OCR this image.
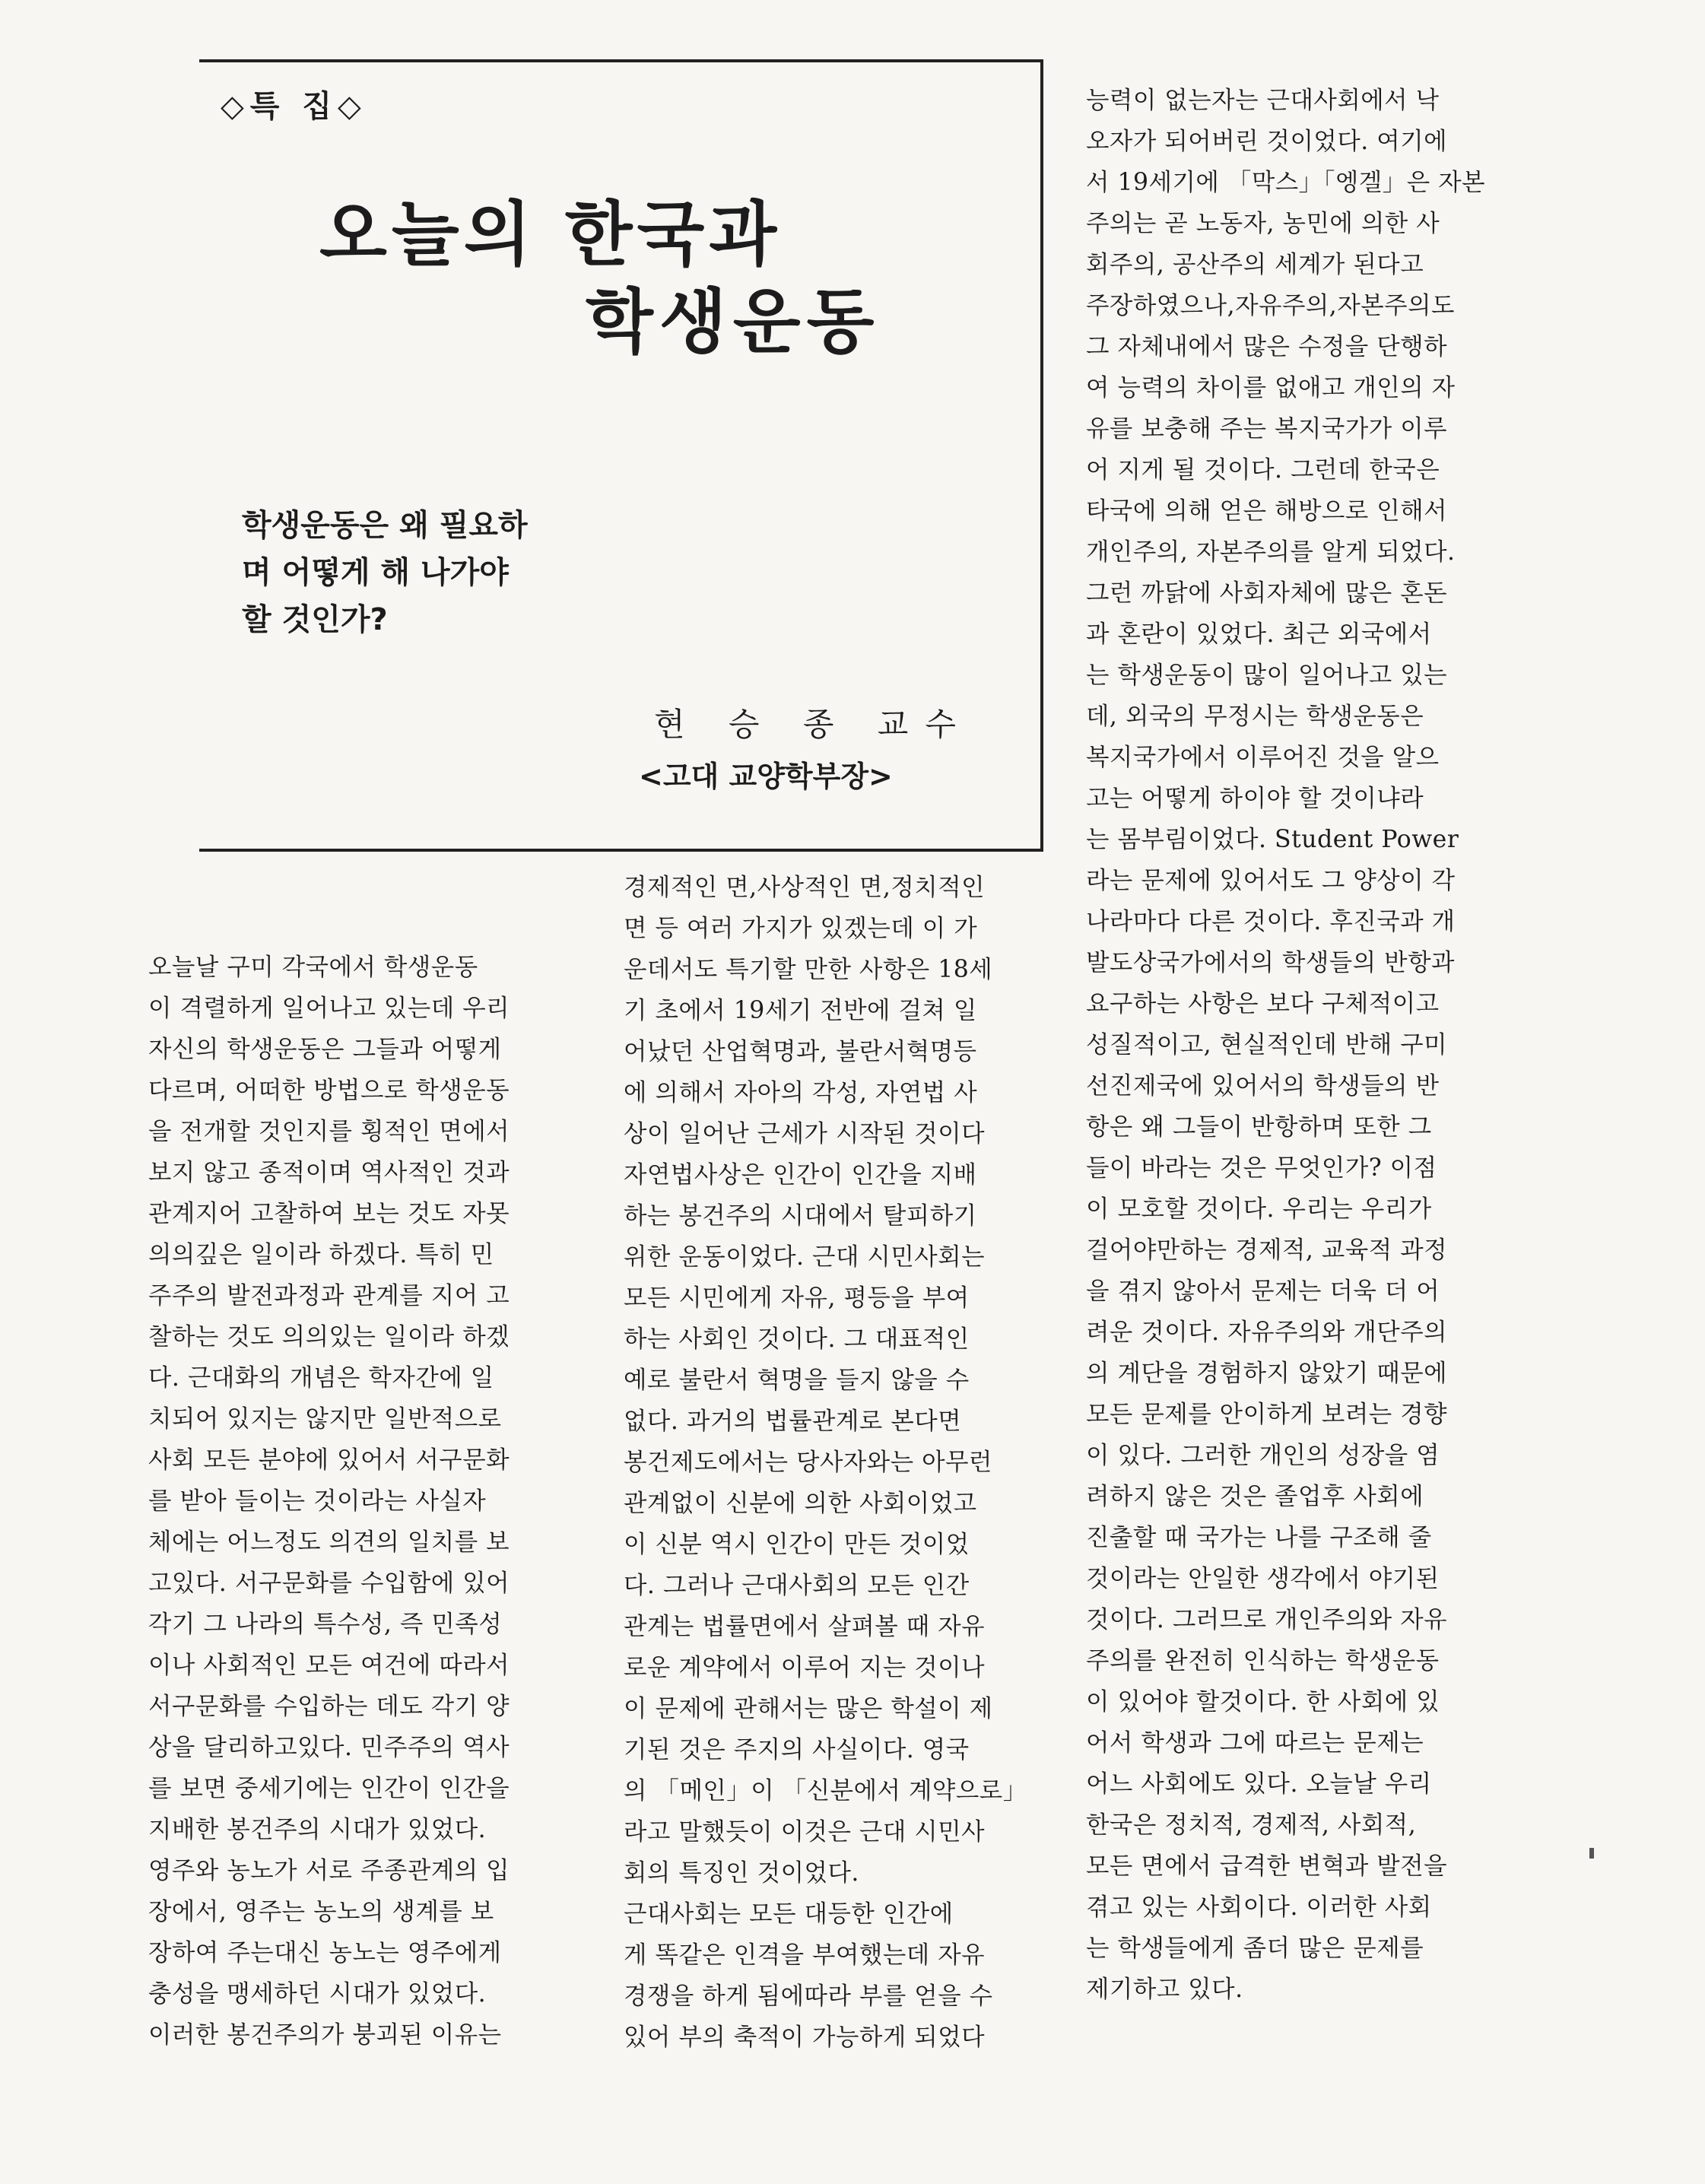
◇특 집◇
오늘의 한국과
학생운동
학생운동은 왜 필요하
며 어떻게 해 나가야
할 것인가?
현 승 종 교수
<고대 교양학부장>
오늘날 구미 각국에서 학생운동
이 격렬하게 일어나고 있는데 우리
자신의 학생운동은 그들과 어떻게
다르며, 어떠한 방법으로 학생운동
을 전개할 것인지를 횡적인 면에서
보지 않고 종적이며 역사적인 것과
관계지어 고찰하여 보는 것도 자못
의의깊은 일이라 하겠다. 특히 민
주주의 발전과정과 관계를 지어 고
찰하는 것도 의의있는 일이라 하겠
다. 근대화의 개념은 학자간에 일
치되어 있지는 않지만 일반적으로
사회 모든 분야에 있어서 서구문화
를 받아 들이는 것이라는 사실자
체에는 어느정도 의견의 일치를 보
고있다. 서구문화를 수입함에 있어
각기 그 나라의 특수성, 즉 민족성
이나 사회적인 모든 여건에 따라서
서구문화를 수입하는 데도 각기 양
상을 달리하고있다. 민주주의 역사
를 보면 중세기에는 인간이 인간을
지배한 봉건주의 시대가 있었다.
영주와 농노가 서로 주종관계의 입
장에서, 영주는 농노의 생계를 보
장하여 주는대신 농노는 영주에게
충성을 맹세하던 시대가 있었다.
이러한 봉건주의가 붕괴된 이유는
경제적인 면,사상적인 면,정치적인
면 등 여러 가지가 있겠는데 이 가
운데서도 특기할 만한 사항은 18세
기 초에서 19세기 전반에 걸쳐 일
어났던 산업혁명과, 불란서혁명등
에 의해서 자아의 각성, 자연법 사
상이 일어난 근세가 시작된 것이다
자연법사상은 인간이 인간을 지배
하는 봉건주의 시대에서 탈피하기
위한 운동이었다. 근대 시민사회는
모든 시민에게 자유, 평등을 부여
하는 사회인 것이다. 그 대표적인
예로 불란서 혁명을 들지 않을 수
없다. 과거의 법률관계로 본다면
봉건제도에서는 당사자와는 아무런
관계없이 신분에 의한 사회이었고
이 신분 역시 인간이 만든 것이었
다. 그러나 근대사회의 모든 인간
관계는 법률면에서 살펴볼 때 자유
로운 계약에서 이루어 지는 것이나
이 문제에 관해서는 많은 학설이 제
기된 것은 주지의 사실이다. 영국
의 「메인」이 「신분에서 계약으로」
라고 말했듯이 이것은 근대 시민사
회의 특징인 것이었다.
근대사회는 모든 대등한 인간에
게 똑같은 인격을 부여했는데 자유
경쟁을 하게 됨에따라 부를 얻을 수
있어 부의 축적이 가능하게 되었다
능력이 없는자는 근대사회에서 낙
오자가 되어버린 것이었다. 여기에
서 19세기에 「막스」「엥겔」은 자본
주의는 곧 노동자, 농민에 의한 사
회주의, 공산주의 세계가 된다고
주장하였으나,자유주의,자본주의도
그 자체내에서 많은 수정을 단행하
여 능력의 차이를 없애고 개인의 자
유를 보충해 주는 복지국가가 이루
어 지게 될 것이다. 그런데 한국은
타국에 의해 얻은 해방으로 인해서
개인주의, 자본주의를 알게 되었다.
그런 까닭에 사회자체에 많은 혼돈
과 혼란이 있었다. 최근 외국에서
는 학생운동이 많이 일어나고 있는
데, 외국의 무정시는 학생운동은
복지국가에서 이루어진 것을 알으
고는 어떻게 하이야 할 것이냐라
는 몸부림이었다. Student Power
라는 문제에 있어서도 그 양상이 각
나라마다 다른 것이다. 후진국과 개
발도상국가에서의 학생들의 반항과
요구하는 사항은 보다 구체적이고
성질적이고, 현실적인데 반해 구미
선진제국에 있어서의 학생들의 반
항은 왜 그들이 반항하며 또한 그
들이 바라는 것은 무엇인가? 이점
이 모호할 것이다. 우리는 우리가
걸어야만하는 경제적, 교육적 과정
을 겪지 않아서 문제는 더욱 더 어
려운 것이다. 자유주의와 개단주의
의 계단을 경험하지 않았기 때문에
모든 문제를 안이하게 보려는 경향
이 있다. 그러한 개인의 성장을 염
려하지 않은 것은 졸업후 사회에
진출할 때 국가는 나를 구조해 줄
것이라는 안일한 생각에서 야기된
것이다. 그러므로 개인주의와 자유
주의를 완전히 인식하는 학생운동
이 있어야 할것이다. 한 사회에 있
어서 학생과 그에 따르는 문제는
어느 사회에도 있다. 오늘날 우리
한국은 정치적, 경제적, 사회적,
모든 면에서 급격한 변혁과 발전을
겪고 있는 사회이다. 이러한 사회
는 학생들에게 좀더 많은 문제를
제기하고 있다.
